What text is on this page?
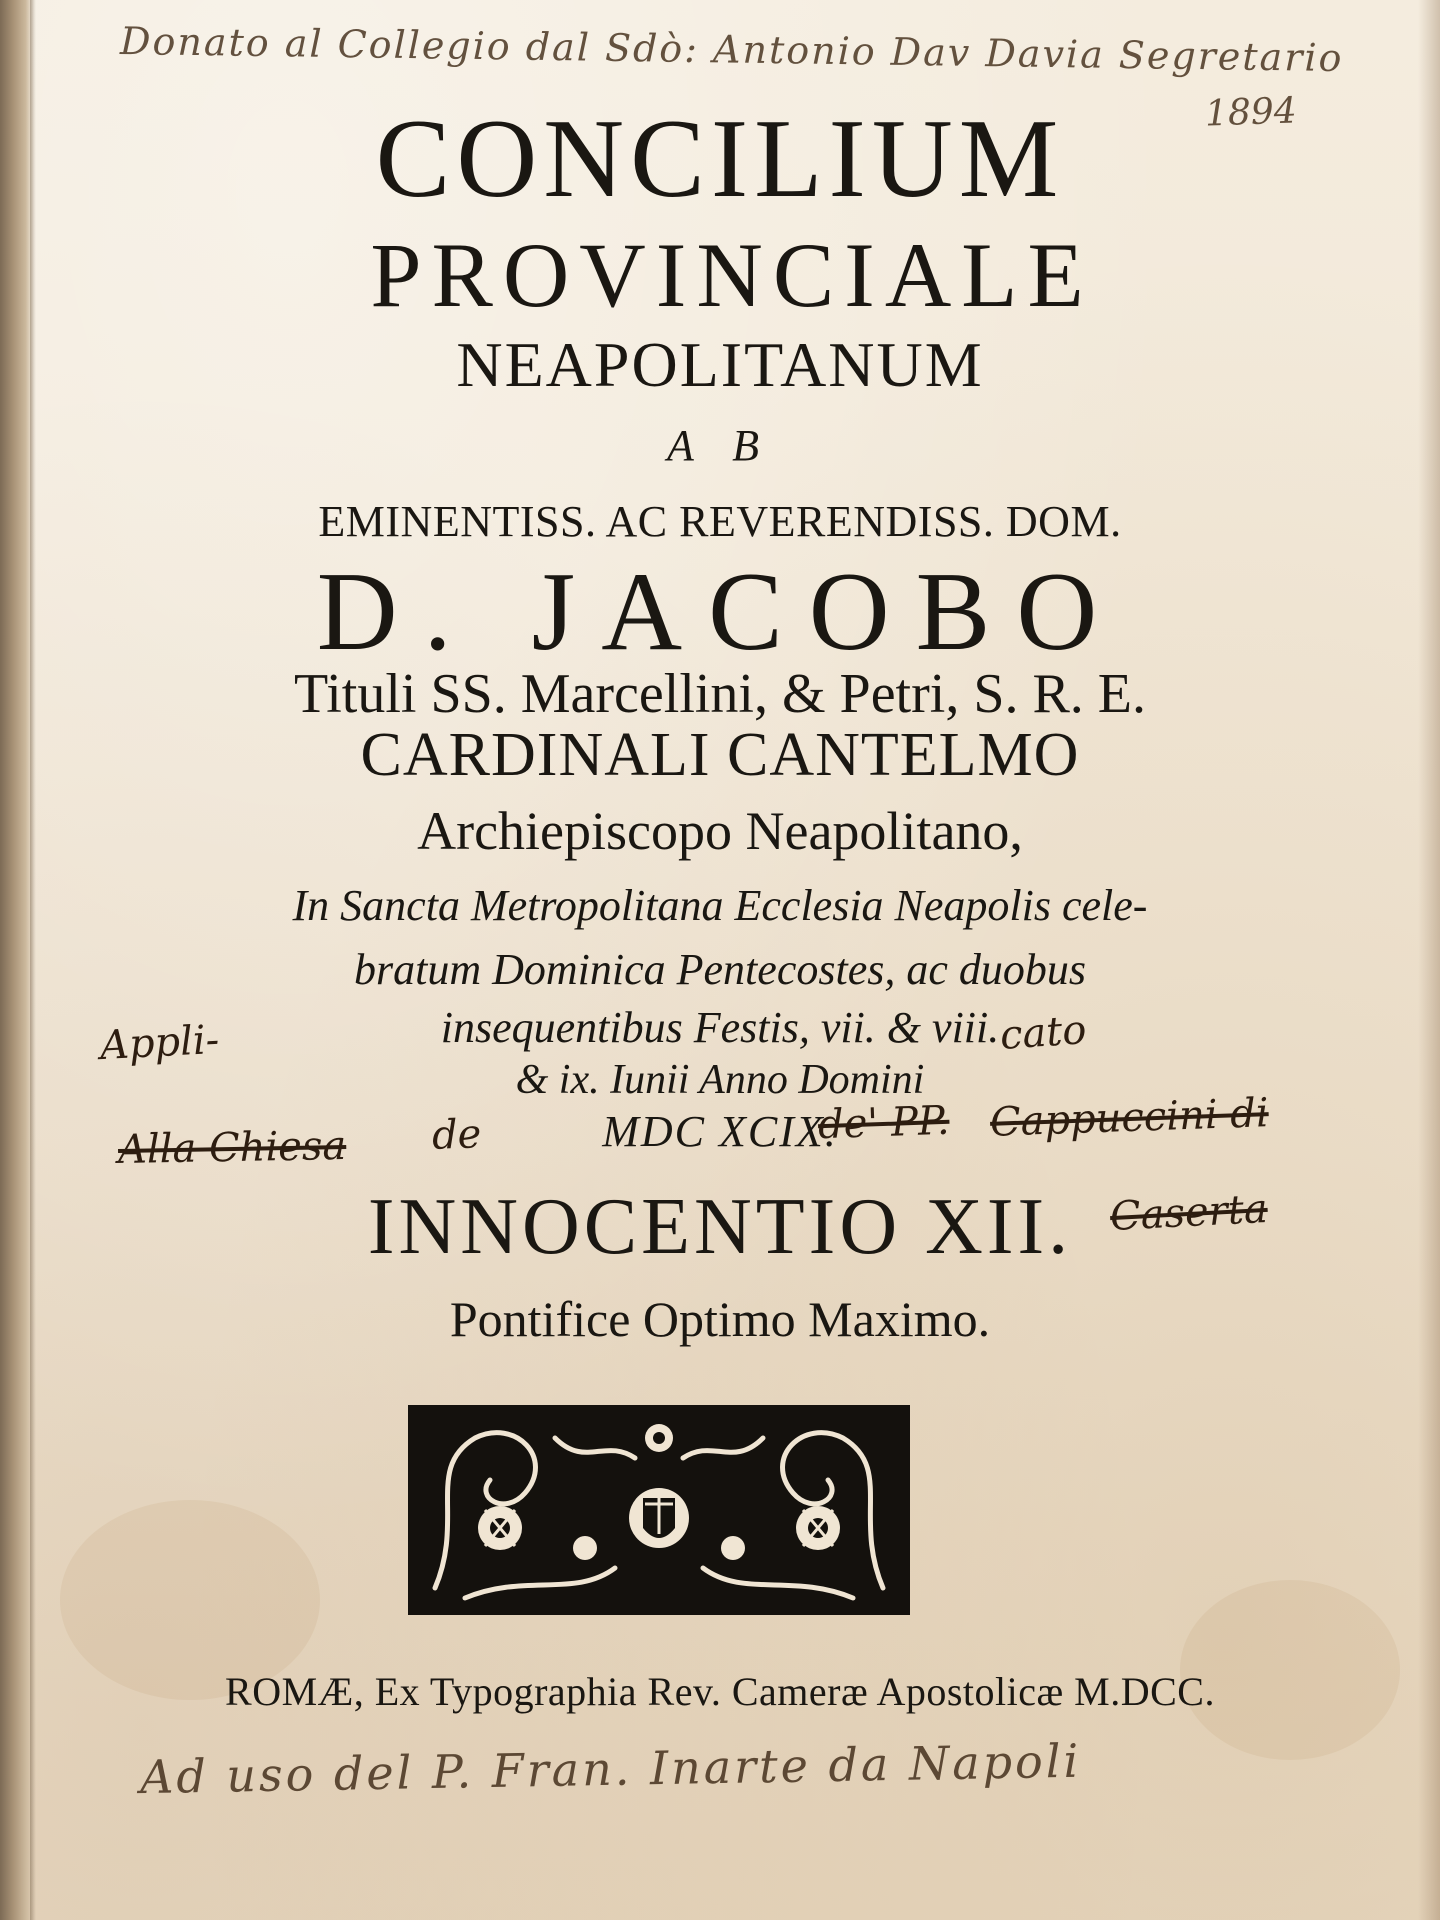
Donato al Collegio dal Sdò: Antonio Dav Davia Segretario
1894
CONCILIUM
PROVINCIALE
NEAPOLITANUM
A B
EMINENTISS. AC REVERENDISS. DOM.
D. JACOBO
Tituli SS. Marcellini, & Petri, S. R. E.
CARDINALI CANTELMO
Archiepiscopo Neapolitano,
In Sancta Metropolitana Ecclesia Neapolis cele-
bratum Dominica Pentecostes, ac duobus
insequentibus Festis, vii. & viii.
& ix. Iunii Anno Domini
MDC XCIX.
INNOCENTIO XII.
Pontifice Optimo Maximo.
Appli-	cato
Alla Chiesa de	de' PP. Cappuccini di
Caserta
ROMÆ, Ex Typographia Rev. Cameræ Apostolicæ M.DCC.
Ad uso del P. Fran. Inarte da Napoli
